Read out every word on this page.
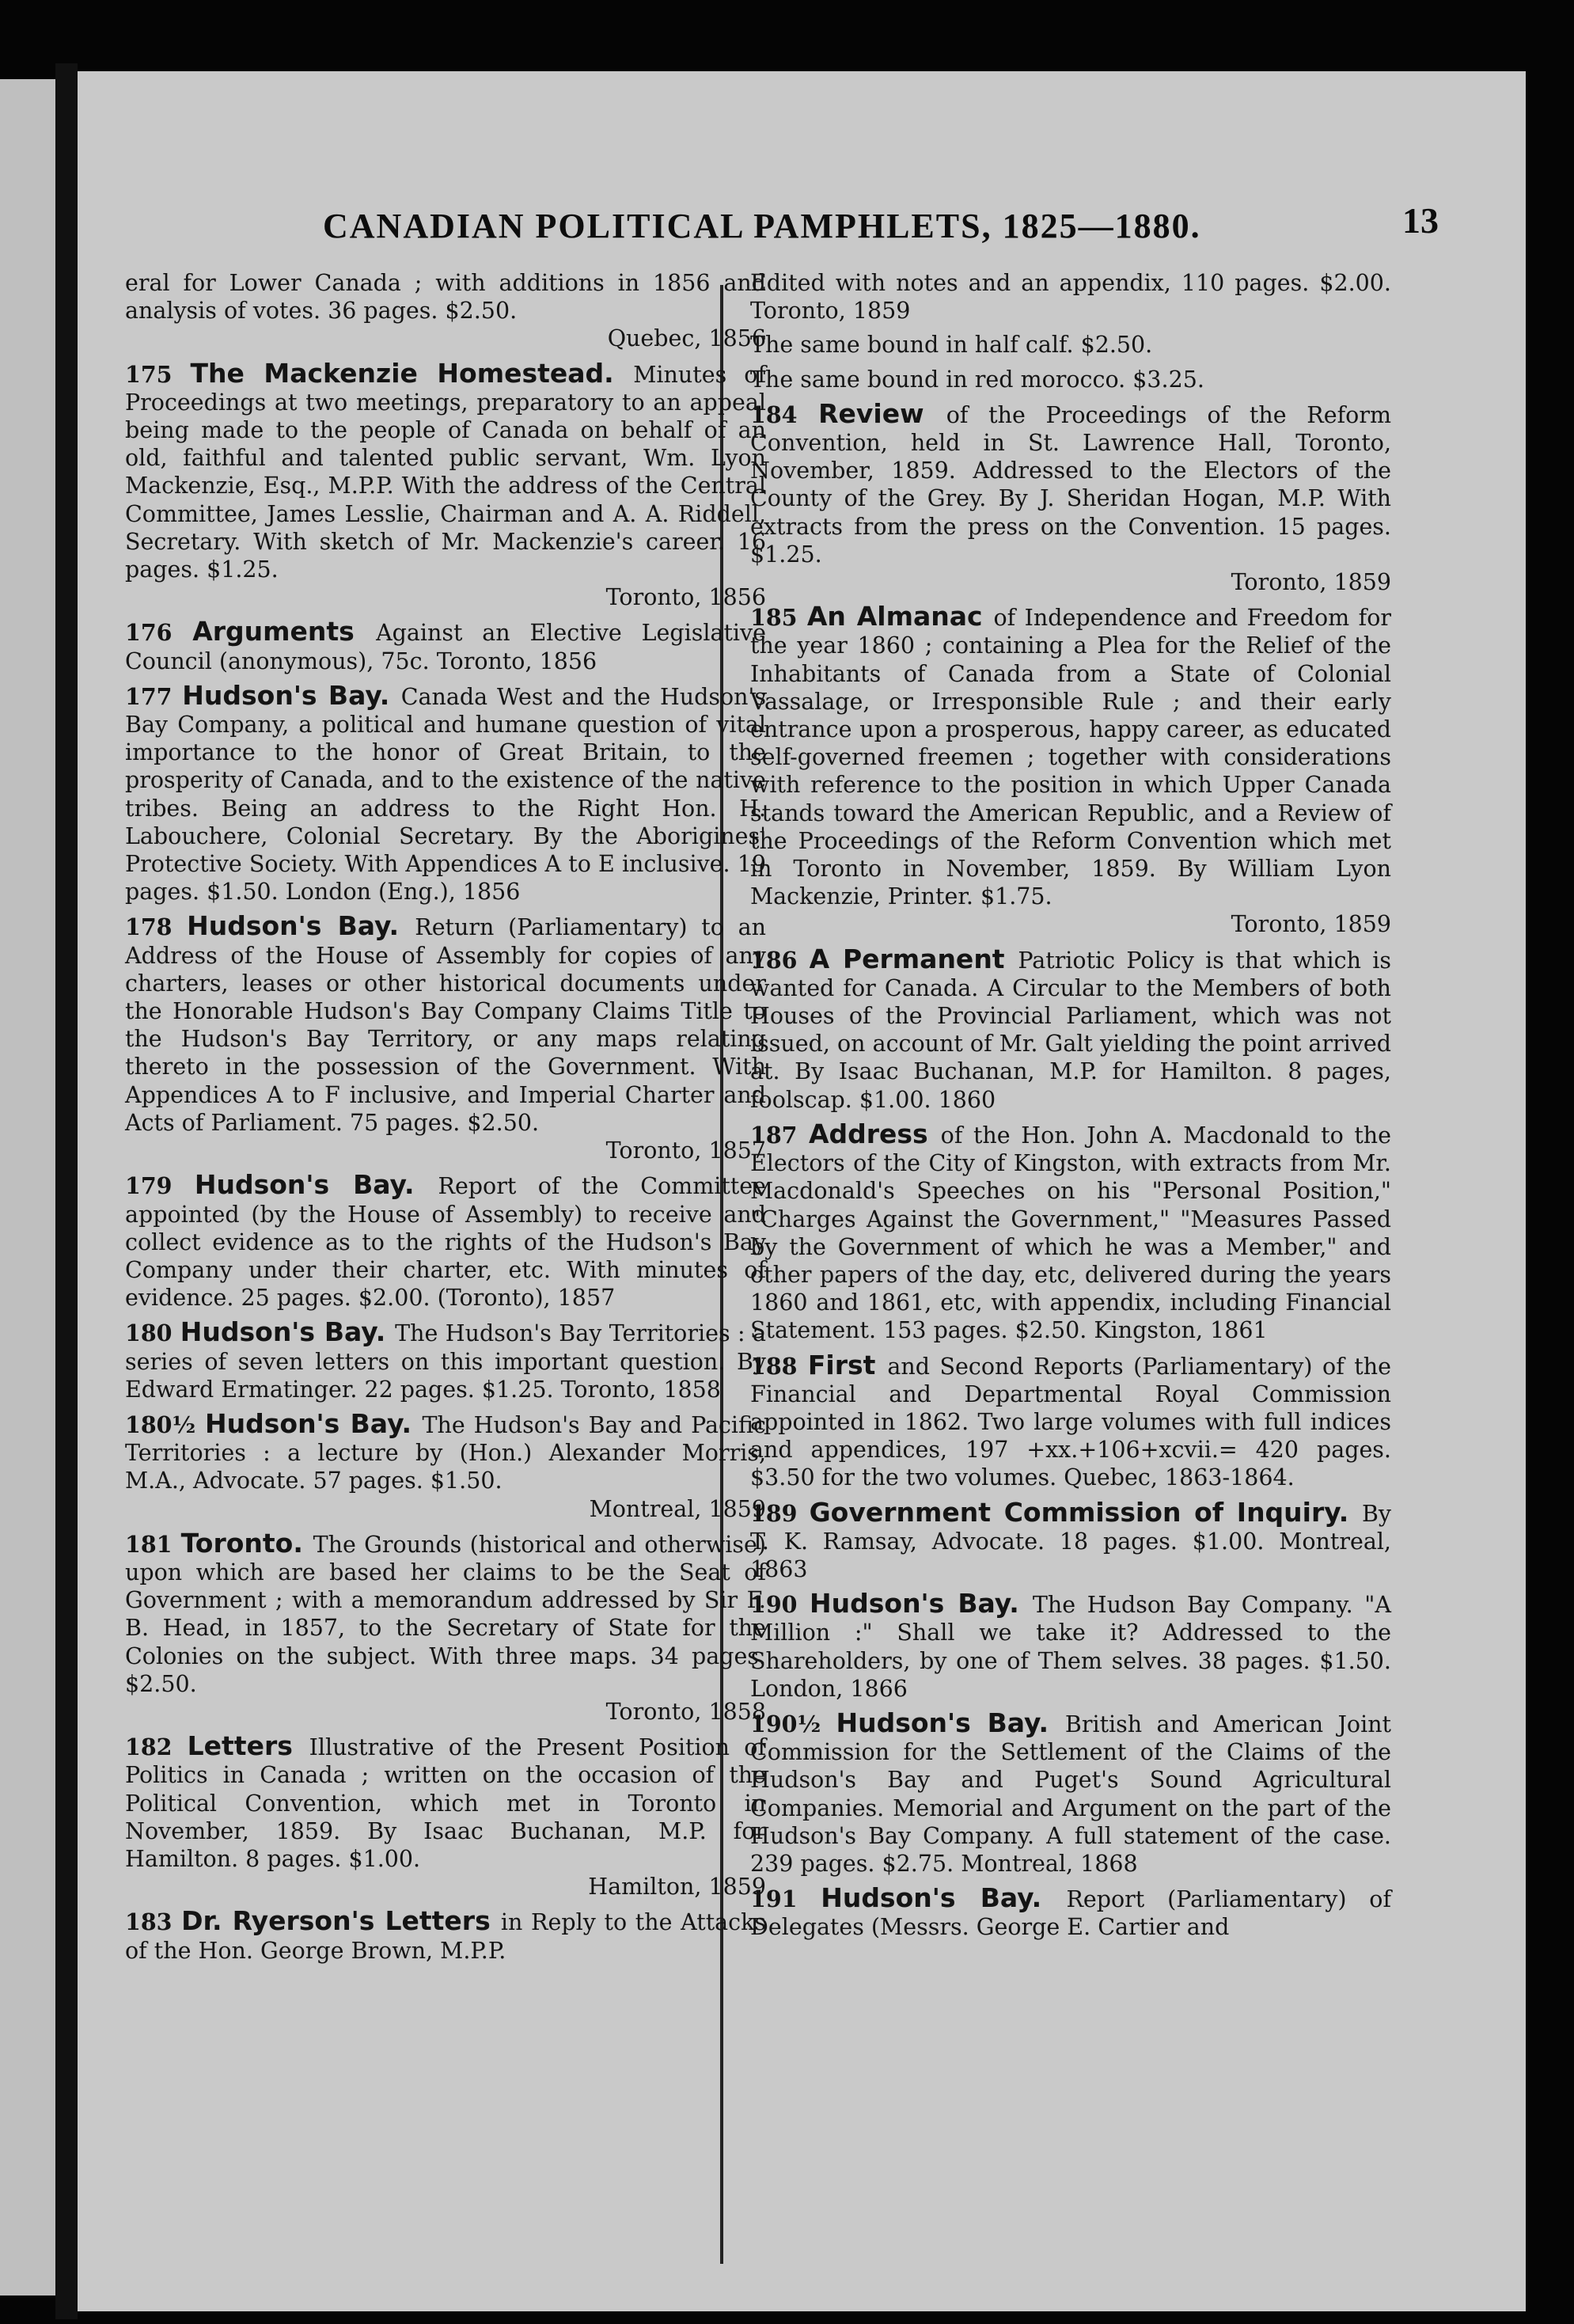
CANADIAN POLITICAL PAMPHLETS, 1825—1880.	13
eral for Lower Canada ; with additions in 1856 and analysis of votes. 36 pages. $2.50.
Quebec, 1856
175 The Mackenzie Homestead. Minutes of Proceedings at two meetings, preparatory to an appeal being made to the people of Canada on behalf of an old, faithful and talented public servant, Wm. Lyon Mackenzie, Esq., M.P.P. With the address of the Central Committee, James Lesslie, Chairman and A. A. Riddell, Secretary. With sketch of Mr. Mackenzie's career. 16 pages. $1.25.
Toronto, 1856
176 Arguments Against an Elective Legislative Council (anonymous), 75c. Toronto, 1856
177 Hudson's Bay. Canada West and the Hudson's Bay Company, a political and humane question of vital importance to the honor of Great Britain, to the prosperity of Canada, and to the existence of the native tribes. Being an address to the Right Hon. H. Labouchere, Colonial Secretary. By the Aborigines' Protective Society. With Appendices A to E inclusive. 19 pages. $1.50. London (Eng.), 1856
178 Hudson's Bay. Return (Parliamentary) to an Address of the House of Assembly for copies of any charters, leases or other historical documents under the Honorable Hudson's Bay Company Claims Title to the Hudson's Bay Territory, or any maps relating thereto in the possession of the Government. With Appendices A to F inclusive, and Imperial Charter and Acts of Parliament. 75 pages. $2.50.
Toronto, 1857
179 Hudson's Bay. Report of the Committee appointed (by the House of Assembly) to receive and collect evidence as to the rights of the Hudson's Bay Company under their charter, etc. With minutes of evidence. 25 pages. $2.00. (Toronto), 1857
180 Hudson's Bay. The Hudson's Bay Territories : a series of seven letters on this important question. By Edward Ermatinger. 22 pages. $1.25. Toronto, 1858
180½ Hudson's Bay. The Hudson's Bay and Pacific Territories : a lecture by (Hon.) Alexander Morris, M.A., Advocate. 57 pages. $1.50.
Montreal, 1859
181 Toronto. The Grounds (historical and otherwise) upon which are based her claims to be the Seat of Government ; with a memorandum addressed by Sir F. B. Head, in 1857, to the Secretary of State for the Colonies on the subject. With three maps. 34 pages. $2.50.
Toronto, 1858
182 Letters Illustrative of the Present Position of Politics in Canada ; written on the occasion of the Political Convention, which met in Toronto in November, 1859. By Isaac Buchanan, M.P. for Hamilton. 8 pages. $1.00.
Hamilton, 1859
183 Dr. Ryerson's Letters in Reply to the Attacks of the Hon. George Brown, M.P.P.
Edited with notes and an appendix, 110 pages. $2.00. Toronto, 1859
The same bound in half calf. $2.50.
The same bound in red morocco. $3.25.
184 Review of the Proceedings of the Reform Convention, held in St. Lawrence Hall, Toronto, November, 1859. Addressed to the Electors of the County of the Grey. By J. Sheridan Hogan, M.P. With extracts from the press on the Convention. 15 pages. $1.25.
Toronto, 1859
185 An Almanac of Independence and Freedom for the year 1860 ; containing a Plea for the Relief of the Inhabitants of Canada from a State of Colonial Vassalage, or Irresponsible Rule ; and their early entrance upon a prosperous, happy career, as educated self-governed freemen ; together with considerations with reference to the position in which Upper Canada stands toward the American Republic, and a Review of the Proceedings of the Reform Convention which met in Toronto in November, 1859. By William Lyon Mackenzie, Printer. $1.75.
Toronto, 1859
186 A Permanent Patriotic Policy is that which is wanted for Canada. A Circular to the Members of both Houses of the Provincial Parliament, which was not issued, on account of Mr. Galt yielding the point arrived at. By Isaac Buchanan, M.P. for Hamilton. 8 pages, foolscap. $1.00. 1860
187 Address of the Hon. John A. Macdonald to the Electors of the City of Kingston, with extracts from Mr. Macdonald's Speeches on his "Personal Position," "Charges Against the Government," "Measures Passed by the Government of which he was a Member," and other papers of the day, etc, delivered during the years 1860 and 1861, etc, with appendix, including Financial Statement. 153 pages. $2.50. Kingston, 1861
188 First and Second Reports (Parliamentary) of the Financial and Departmental Royal Commission appointed in 1862. Two large volumes with full indices and appendices, 197 +xx.+106+xcvii.= 420 pages. $3.50 for the two volumes. Quebec, 1863-1864.
189 Government Commission of Inquiry. By T. K. Ramsay, Advocate. 18 pages. $1.00. Montreal, 1863
190 Hudson's Bay. The Hudson Bay Company. "A Million :" Shall we take it? Addressed to the Shareholders, by one of Them selves. 38 pages. $1.50. London, 1866
190½ Hudson's Bay. British and American Joint Commission for the Settlement of the Claims of the Hudson's Bay and Puget's Sound Agricultural Companies. Memorial and Argument on the part of the Hudson's Bay Company. A full statement of the case. 239 pages. $2.75. Montreal, 1868
191 Hudson's Bay. Report (Parliamentary) of Delegates (Messrs. George E. Cartier and
